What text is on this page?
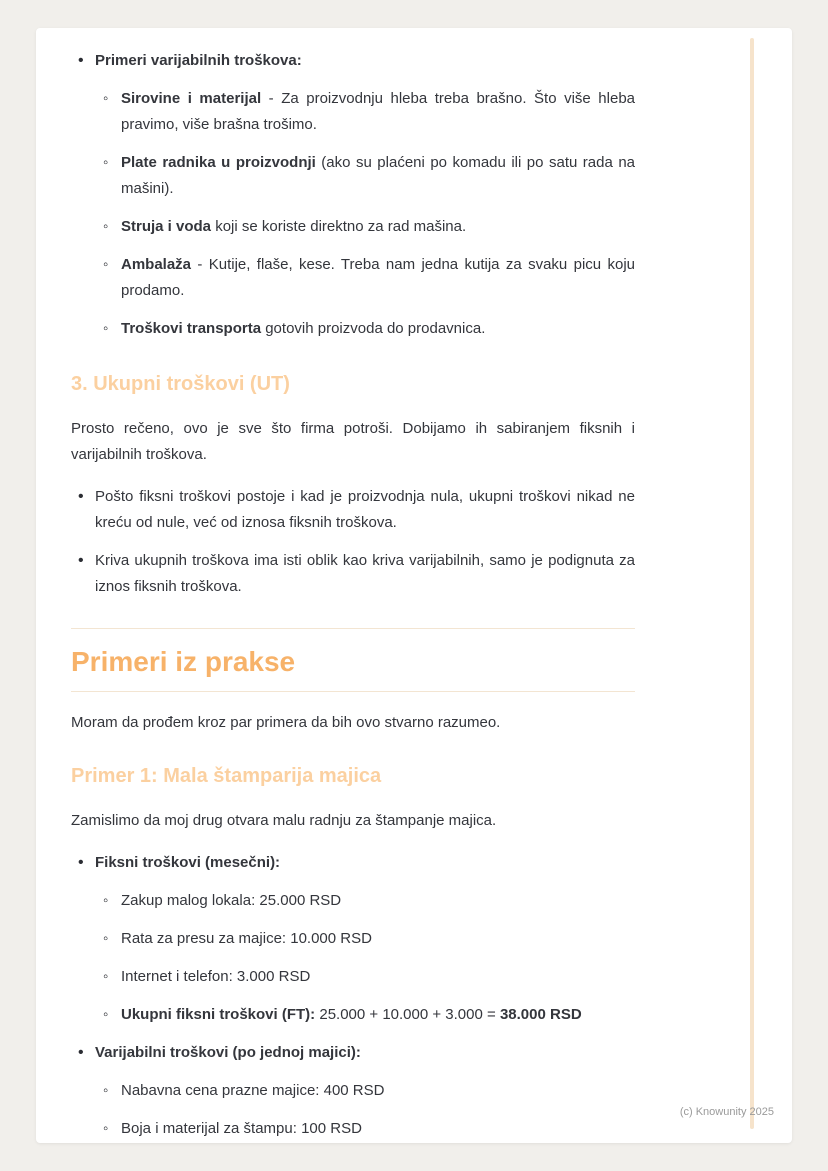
• Primeri varijabilnih troškova:
◦ Sirovine i materijal - Za proizvodnju hleba treba brašno. Što više hleba pravimo, više brašna trošimo.
◦ Plate radnika u proizvodnji (ako su plaćeni po komadu ili po satu rada na mašini).
◦ Struja i voda koji se koriste direktno za rad mašina.
◦ Ambalaža - Kutije, flaše, kese. Treba nam jedna kutija za svaku picu koju prodamo.
◦ Troškovi transporta gotovih proizvoda do prodavnica.
3. Ukupni troškovi (UT)

Prosto rečeno, ovo je sve što firma potroši. Dobijamo ih sabiranjem fiksnih i varijabilnih troškova.

• Pošto fiksni troškovi postoje i kad je proizvodnja nula, ukupni troškovi nikad ne kreću od nule, već od iznosa fiksnih troškova.
• Kriva ukupnih troškova ima isti oblik kao kriva varijabilnih, samo je podignuta za iznos fiksnih troškova.
Primeri iz prakse

Moram da prođem kroz par primera da bih ovo stvarno razumeo.

Primer 1: Mala štamparija majica

Zamislimo da moj drug otvara malu radnju za štampanje majica.

• Fiksni troškovi (mesečni):
◦ Zakup malog lokala: 25.000 RSD
◦ Rata za presu za majice: 10.000 RSD
◦ Internet i telefon: 3.000 RSD
◦ Ukupni fiksni troškovi (FT): 25.000 + 10.000 + 3.000 = 38.000 RSD
• Varijabilni troškovi (po jednoj majici):
◦ Nabavna cena prazne majice: 400 RSD
◦ Boja i materijal za štampu: 100 RSD
(c) Knowunity 2025
